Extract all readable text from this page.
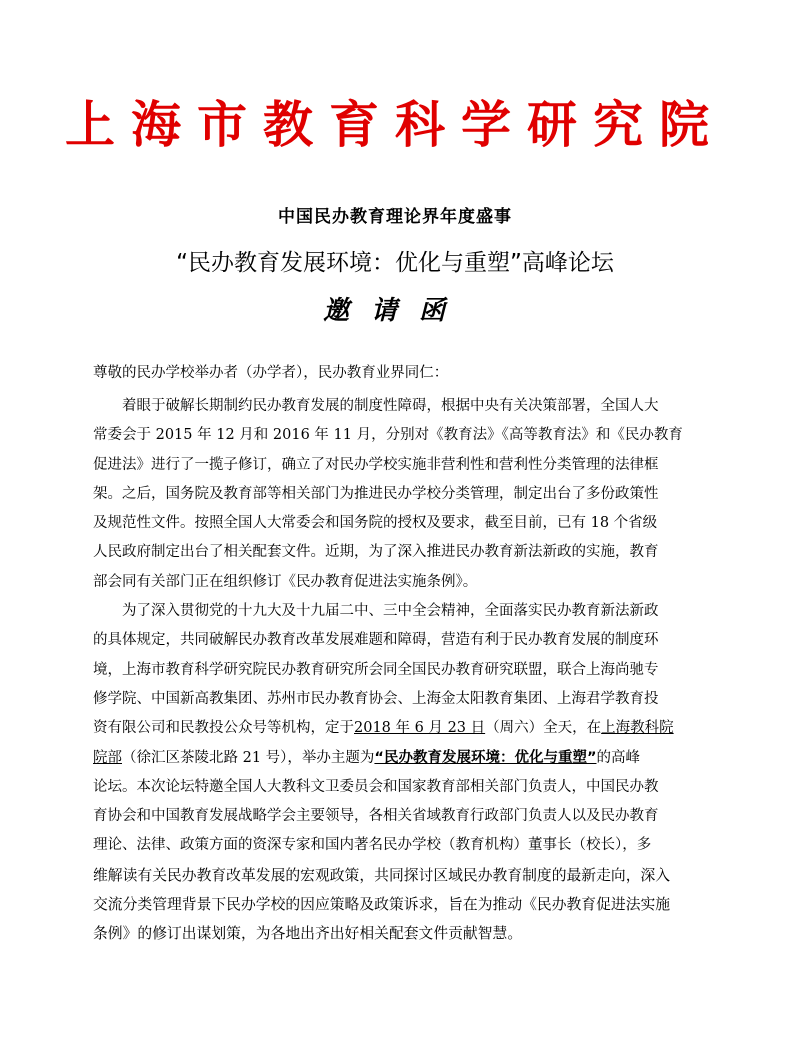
上海市教育科学研究院
中国民办教育理论界年度盛事
“民办教育发展环境：优化与重塑”高峰论坛
邀请函
尊敬的民办学校举办者（办学者），民办教育业界同仁：
　　着眼于破解长期制约民办教育发展的制度性障碍，根据中央有关决策部署，全国人大
常委会于 2015 年 12 月和 2016 年 11 月，分别对《教育法》《高等教育法》和《民办教育
促进法》进行了一揽子修订，确立了对民办学校实施非营利性和营利性分类管理的法律框
架。之后，国务院及教育部等相关部门为推进民办学校分类管理，制定出台了多份政策性
及规范性文件。按照全国人大常委会和国务院的授权及要求，截至目前，已有 18 个省级
人民政府制定出台了相关配套文件。近期，为了深入推进民办教育新法新政的实施，教育
部会同有关部门正在组织修订《民办教育促进法实施条例》。
　　为了深入贯彻党的十九大及十九届二中、三中全会精神，全面落实民办教育新法新政
的具体规定，共同破解民办教育改革发展难题和障碍，营造有利于民办教育发展的制度环
境，上海市教育科学研究院民办教育研究所会同全国民办教育研究联盟，联合上海尚驰专
修学院、中国新高教集团、苏州市民办教育协会、上海金太阳教育集团、上海君学教育投
资有限公司和民教投公众号等机构，定于2018 年 6 月 23 日（周六）全天，在上海教科院
院部（徐汇区茶陵北路 21 号），举办主题为“民办教育发展环境：优化与重塑”的高峰
论坛。本次论坛特邀全国人大教科文卫委员会和国家教育部相关部门负责人，中国民办教
育协会和中国教育发展战略学会主要领导，各相关省域教育行政部门负责人以及民办教育
理论、法律、政策方面的资深专家和国内著名民办学校（教育机构）董事长（校长），多
维解读有关民办教育改革发展的宏观政策，共同探讨区域民办教育制度的最新走向，深入
交流分类管理背景下民办学校的因应策略及政策诉求，旨在为推动《民办教育促进法实施
条例》的修订出谋划策，为各地出齐出好相关配套文件贡献智慧。
